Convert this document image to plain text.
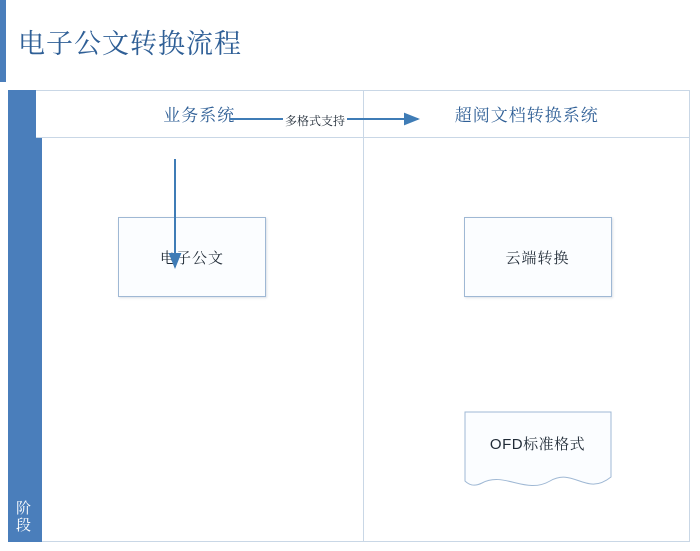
电子公文转换流程
阶段
业务系统	超阅文档转换系统
电子公文	云端转换
OFD标准格式
多格式支持
